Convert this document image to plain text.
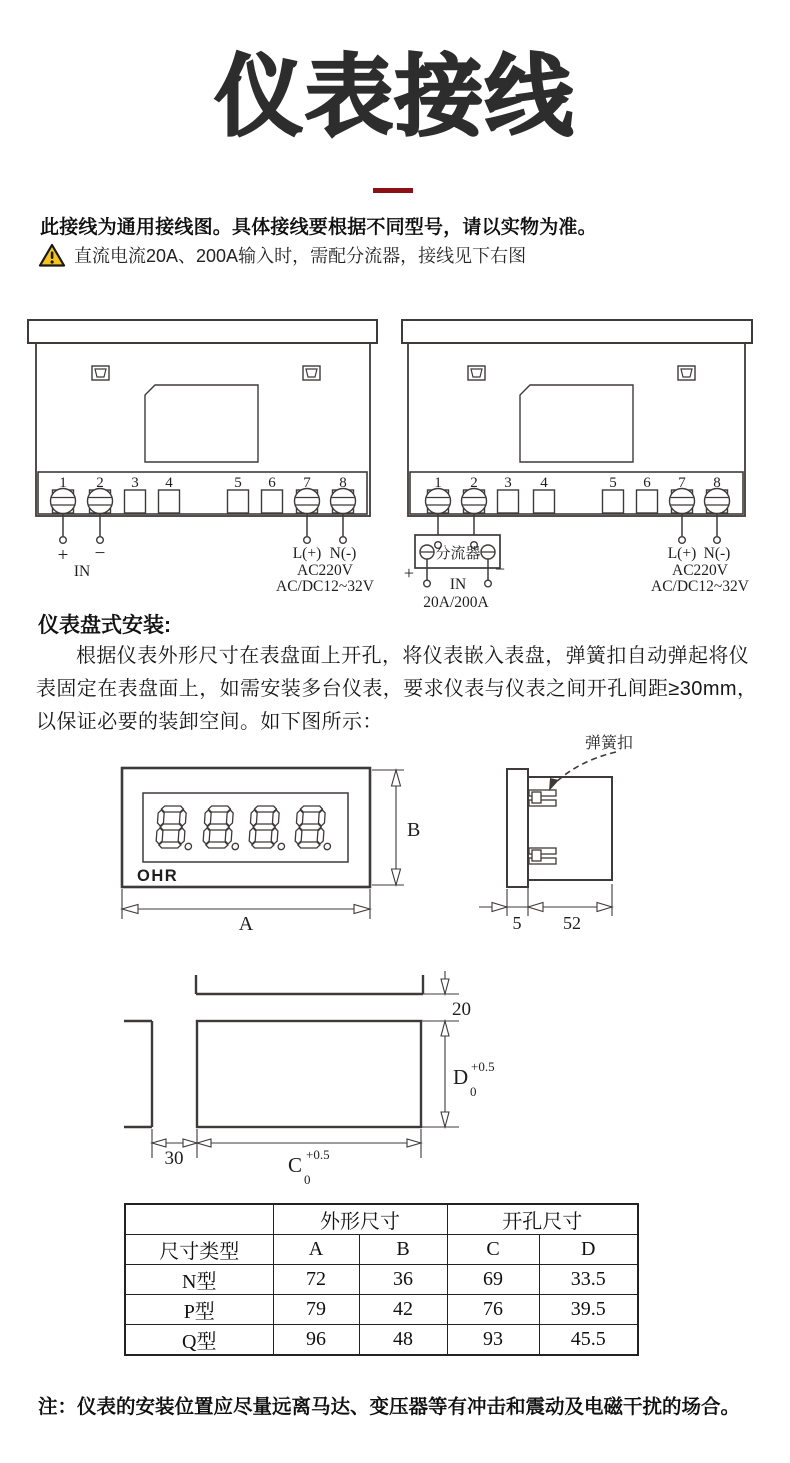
仪表接线
此接线为通用接线图。具体接线要根据不同型号，请以实物为准。
直流电流20A、200A输入时，需配分流器，接线见下右图
1 2 3 4	5 6 7 8
+ −
IN
L(+) N(-)
AC220V
AC/DC12~32V
1 2 3 4	5 6 7 8
分流器
+	−
IN
20A/200A
L(+) N(-)
AC220V
AC/DC12~32V
OHR
B
A
弹簧扣
5 52
20
D +0.5
0
30	C +0.5
0
仪表盘式安装:
根据仪表外形尺寸在表盘面上开孔，将仪表嵌入表盘，弹簧扣自动弹起将仪表固定在表盘面上，如需安装多台仪表，要求仪表与仪表之间开孔间距≥30mm，以保证必要的装卸空间。如下图所示：
	外形尺寸		开孔尺寸	
尺寸类型	A	B	C	D
N型	72	36	69	33.5
P型	79	42	76	39.5
Q型	96	48	93	45.5
注：仪表的安装位置应尽量远离马达、变压器等有冲击和震动及电磁干扰的场合。
